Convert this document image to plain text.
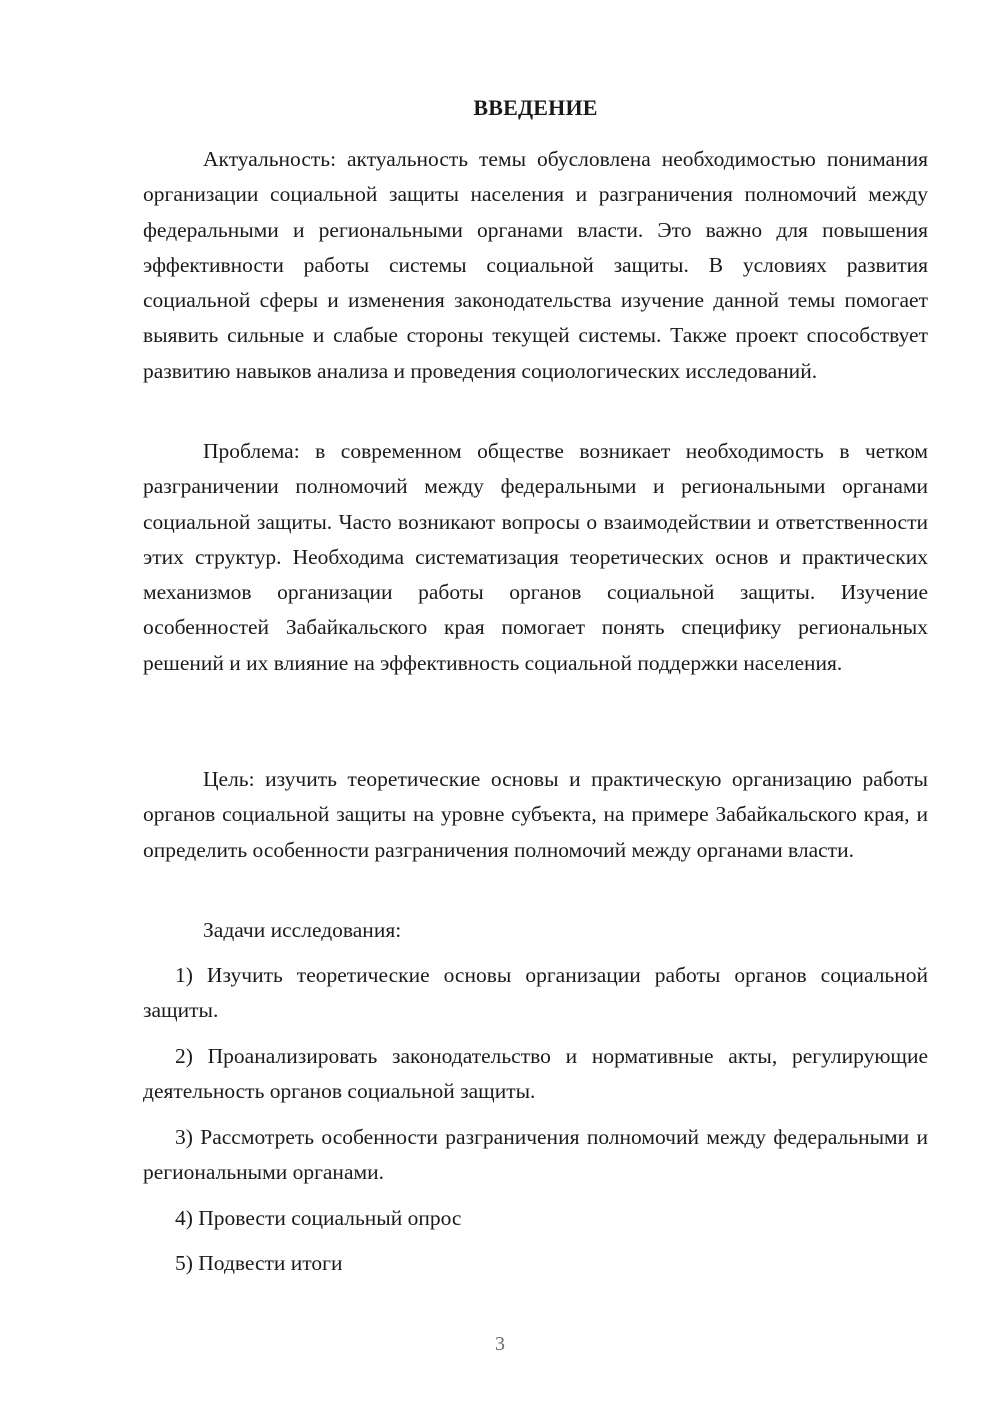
ВВЕДЕНИЕ

Актуальность: актуальность темы обусловлена необходимостью понимания организации социальной защиты населения и разграничения полномочий между федеральными и региональными органами власти. Это важно для повышения эффективности работы системы социальной защиты. В условиях развития социальной сферы и изменения законодательства изучение данной темы помогает выявить сильные и слабые стороны текущей системы. Также проект способствует развитию навыков анализа и проведения социологических исследований.

Проблема: в современном обществе возникает необходимость в четком разграничении полномочий между федеральными и региональными органами социальной защиты. Часто возникают вопросы о взаимодействии и ответственности этих структур. Необходима систематизация теоретических основ и практических механизмов организации работы органов социальной защиты. Изучение особенностей Забайкальского края помогает понять специфику региональных решений и их влияние на эффективность социальной поддержки населения.

Цель: изучить теоретические основы и практическую организацию работы органов социальной защиты на уровне субъекта, на примере Забайкальского края, и определить особенности разграничения полномочий между органами власти.

Задачи исследования:

1) Изучить теоретические основы организации работы органов социальной защиты.

2) Проанализировать законодательство и нормативные акты, регулирующие деятельность органов социальной защиты.

3) Рассмотреть особенности разграничения полномочий между федеральными и региональными органами.

4) Провести социальный опрос

5) Подвести итоги

3
